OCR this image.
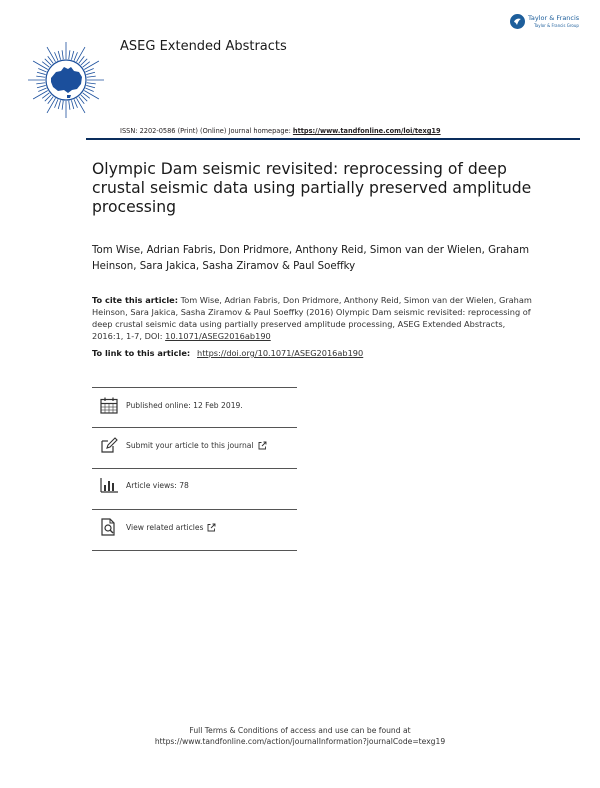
ASEG Extended Abstracts
Taylor & Francis
Taylor & Francis Group
ISSN: 2202-0586 (Print) (Online) Journal homepage: https://www.tandfonline.com/loi/texg19
Olympic Dam seismic revisited: reprocessing of deep crustal seismic data using partially preserved amplitude processing
Tom Wise, Adrian Fabris, Don Pridmore, Anthony Reid, Simon van der Wielen, Graham Heinson, Sara Jakica, Sasha Ziramov & Paul Soeffky
To cite this article: Tom Wise, Adrian Fabris, Don Pridmore, Anthony Reid, Simon van der Wielen, Graham Heinson, Sara Jakica, Sasha Ziramov & Paul Soeffky (2016) Olympic Dam seismic revisited: reprocessing of deep crustal seismic data using partially preserved amplitude processing, ASEG Extended Abstracts, 2016:1, 1-7, DOI: 10.1071/ASEG2016ab190
To link to this article: https://doi.org/10.1071/ASEG2016ab190
Published online: 12 Feb 2019.
Submit your article to this journal
Article views: 78
View related articles
Full Terms & Conditions of access and use can be found at
https://www.tandfonline.com/action/journalInformation?journalCode=texg19
